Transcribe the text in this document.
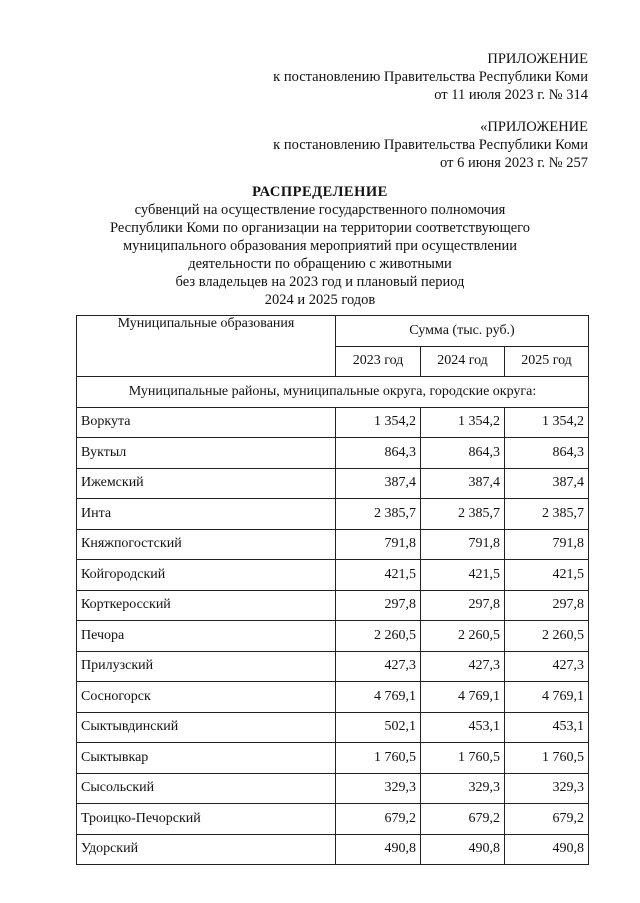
ПРИЛОЖЕНИЕ
к постановлению Правительства Республики Коми
от 11 июля 2023 г. № 314
«ПРИЛОЖЕНИЕ
к постановлению Правительства Республики Коми
от 6 июня 2023 г. № 257
РАСПРЕДЕЛЕНИЕ
субвенций на осуществление государственного полномочия
Республики Коми по организации на территории соответствующего
муниципального образования мероприятий при осуществлении
деятельности по обращению с животными
без владельцев на 2023 год и плановый период
2024 и 2025 годов
Муниципальные образования	Сумма (тыс. руб.)		
	2023 год	2024 год	2025 год
Муниципальные районы, муниципальные округа, городские округа:			
Воркута	1 354,2	1 354,2	1 354,2
Вуктыл	864,3	864,3	864,3
Ижемский	387,4	387,4	387,4
Инта	2 385,7	2 385,7	2 385,7
Княжпогостский	791,8	791,8	791,8
Койгородский	421,5	421,5	421,5
Корткеросский	297,8	297,8	297,8
Печора	2 260,5	2 260,5	2 260,5
Прилузский	427,3	427,3	427,3
Сосногорск	4 769,1	4 769,1	4 769,1
Сыктывдинский	502,1	453,1	453,1
Сыктывкар	1 760,5	1 760,5	1 760,5
Сысольский	329,3	329,3	329,3
Троицко-Печорский	679,2	679,2	679,2
Удорский	490,8	490,8	490,8
